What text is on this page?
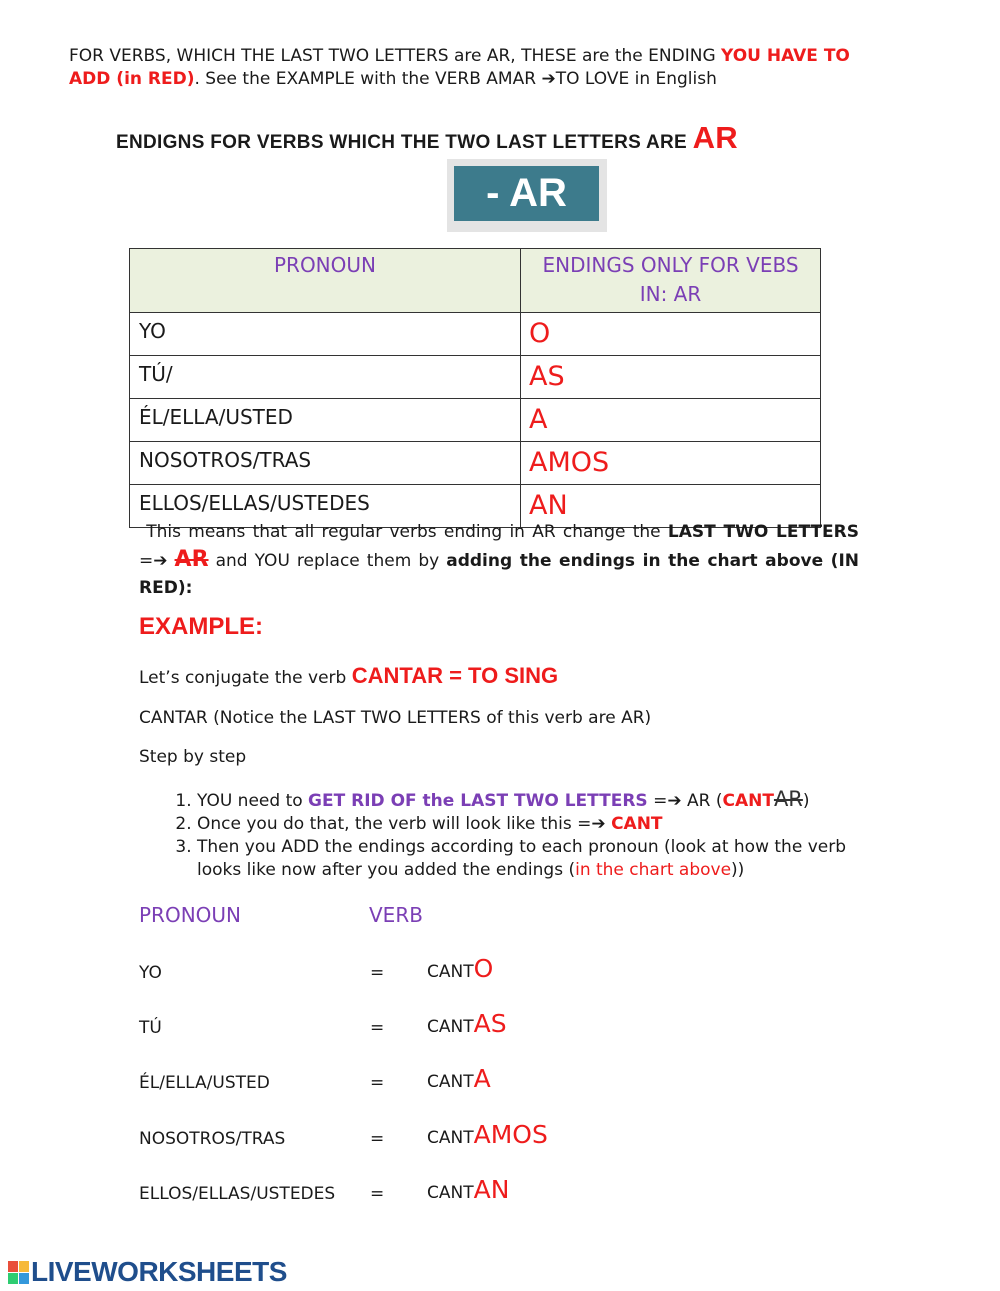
FOR VERBS, WHICH THE LAST TWO LETTERS are AR, THESE are the ENDING YOU HAVE TO ADD (in RED). See the EXAMPLE with the VERB AMAR ➔TO LOVE in English
ENDIGNS FOR VERBS WHICH THE TWO LAST LETTERS ARE AR
- AR
PRONOUN	ENDINGS ONLY FOR VEBS IN: AR
YO	O
TÚ/	AS
ÉL/ELLA/USTED	A
NOSOTROS/TRAS	AMOS
ELLOS/ELLAS/USTEDES	AN
This means that all regular verbs ending in AR change the LAST TWO LETTERS =➔ AR and YOU replace them by adding the endings in the chart above (IN RED):
EXAMPLE:
Let’s conjugate the verb CANTAR = TO SING
CANTAR (Notice the LAST TWO LETTERS of this verb are AR)
Step by step
1. YOU need to GET RID OF the LAST TWO LETTERS =➔ AR (CANTAR)
2. Once you do that, the verb will look like this =➔ CANT
3. Then you ADD the endings according to each pronoun (look at how the verb looks like now after you added the endings (in the chart above))
PRONOUN	VERB
YO	=	CANTO
TÚ	=	CANTAS
ÉL/ELLA/USTED	=	CANTA
NOSOTROS/TRAS	=	CANTAMOS
ELLOS/ELLAS/USTEDES =	CANTAN
LIVEWORKSHEETS
